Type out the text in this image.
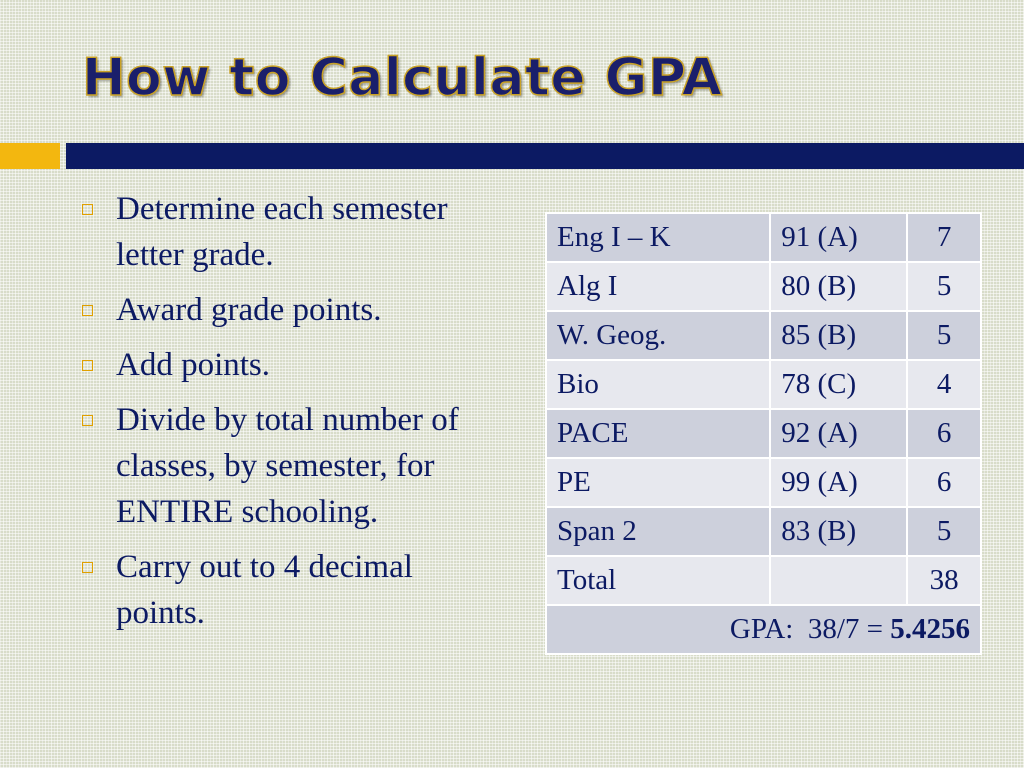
How to Calculate GPA
Determine each semester letter grade.
Award grade points.
Add points.
Divide by total number of classes, by semester, for ENTIRE schooling.
Carry out to 4 decimal points.
Eng I – K	91 (A)	7
Alg I	80 (B)	5
W. Geog.	85 (B)	5
Bio	78 (C)	4
PACE	92 (A)	6
PE	99 (A)	6
Span 2	83 (B)	5
Total		38
GPA: 38/7 = 5.4256		
